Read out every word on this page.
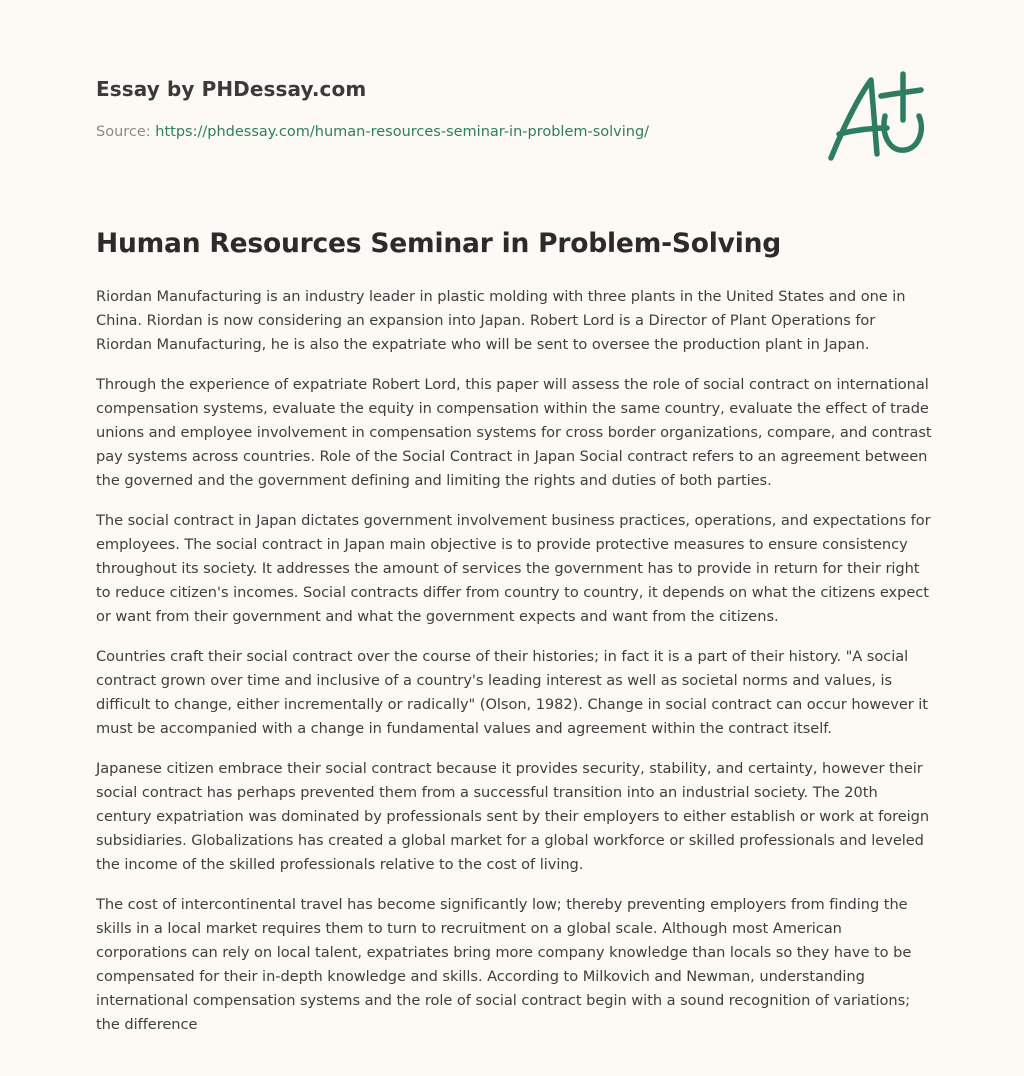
Essay by PHDessay.com
Source: https://phdessay.com/human-resources-seminar-in-problem-solving/
Human Resources Seminar in Problem-Solving

Riordan Manufacturing is an industry leader in plastic molding with three plants in the United States and one in China. Riordan is now considering an expansion into Japan. Robert Lord is a Director of Plant Operations for Riordan Manufacturing, he is also the expatriate who will be sent to oversee the production plant in Japan.

Through the experience of expatriate Robert Lord, this paper will assess the role of social contract on international compensation systems, evaluate the equity in compensation within the same country, evaluate the effect of trade unions and employee involvement in compensation systems for cross border organizations, compare, and contrast pay systems across countries. Role of the Social Contract in Japan Social contract refers to an agreement between the governed and the government defining and limiting the rights and duties of both parties.

The social contract in Japan dictates government involvement business practices, operations, and expectations for employees. The social contract in Japan main objective is to provide protective measures to ensure consistency throughout its society. It addresses the amount of services the government has to provide in return for their right to reduce citizen's incomes. Social contracts differ from country to country, it depends on what the citizens expect or want from their government and what the government expects and want from the citizens.

Countries craft their social contract over the course of their histories; in fact it is a part of their history. "A social contract grown over time and inclusive of a country's leading interest as well as societal norms and values, is difficult to change, either incrementally or radically" (Olson, 1982). Change in social contract can occur however it must be accompanied with a change in fundamental values and agreement within the contract itself.

Japanese citizen embrace their social contract because it provides security, stability, and certainty, however their social contract has perhaps prevented them from a successful transition into an industrial society. The 20th century expatriation was dominated by professionals sent by their employers to either establish or work at foreign subsidiaries. Globalizations has created a global market for a global workforce or skilled professionals and leveled the income of the skilled professionals relative to the cost of living.

The cost of intercontinental travel has become significantly low; thereby preventing employers from finding the skills in a local market requires them to turn to recruitment on a global scale. Although most American corporations can rely on local talent, expatriates bring more company knowledge than locals so they have to be compensated for their in-depth knowledge and skills. According to Milkovich and Newman, understanding international compensation systems and the role of social contract begin with a sound recognition of variations; the difference
